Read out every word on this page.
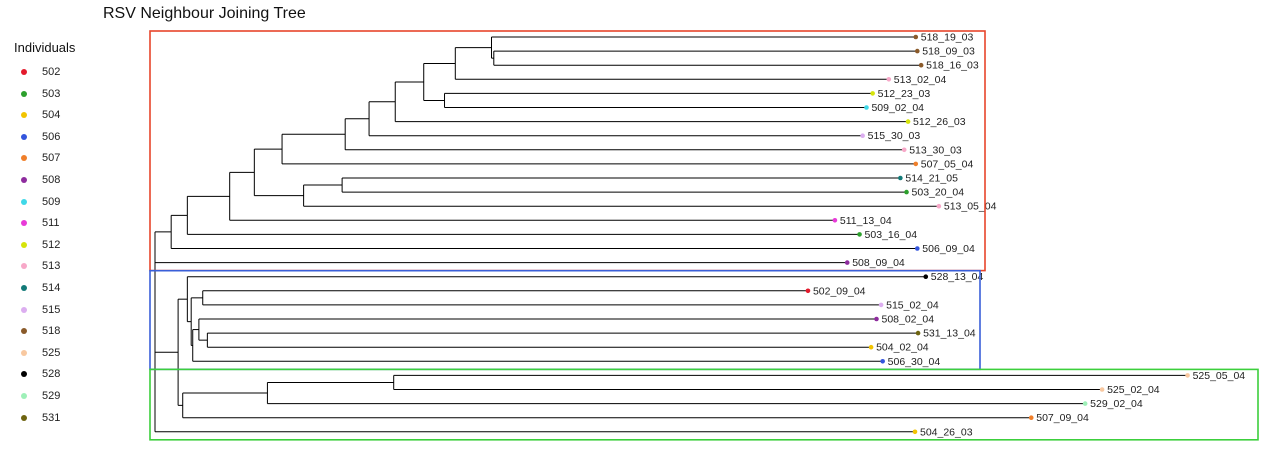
RSV Neighbour Joining Tree
Individuals
502
503
504
506
507
508
509
511
512
513
514
515
518
525
528
529
531
518_19_03
518_09_03
518_16_03
513_02_04
512_23_03
509_02_04
512_26_03
515_30_03
513_30_03
507_05_04
514_21_05
503_20_04
513_05_04
511_13_04
503_16_04
506_09_04
508_09_04
528_13_04
502_09_04
515_02_04
508_02_04
531_13_04
504_02_04
506_30_04
525_05_04
525_02_04
529_02_04
507_09_04
504_26_03
